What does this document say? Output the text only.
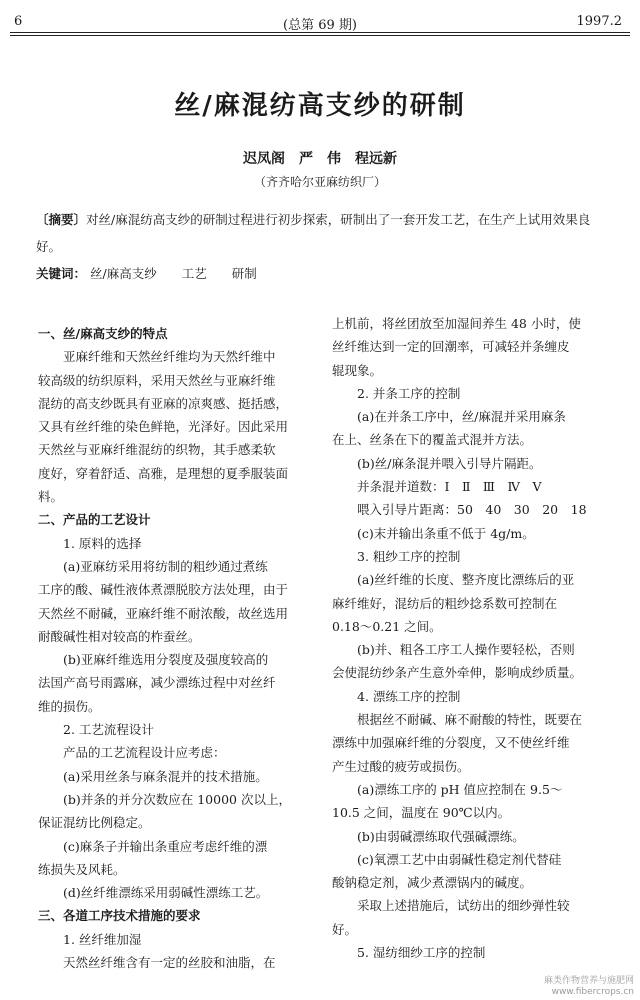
6	(总第 69 期)	1997.2
丝/麻混纺高支纱的研制
迟凤阁　严　伟　程远新
（齐齐哈尔亚麻纺织厂）
〔摘要〕对丝/麻混纺高支纱的研制过程进行初步探索，研制出了一套开发工艺，在生产上试用效果良好。
关键词： 丝/麻高支纱　　工艺　　研制
一、丝/麻高支纱的特点
亚麻纤维和天然丝纤维均为天然纤维中
较高级的纺织原料，采用天然丝与亚麻纤维
混纺的高支纱既具有亚麻的凉爽感、挺括感，
又具有丝纤维的染色鲜艳，光泽好。因此采用
天然丝与亚麻纤维混纺的织物，其手感柔软
度好，穿着舒适、高雅，是理想的夏季服装面
料。
二、产品的工艺设计
1. 原料的选择
(a)亚麻纺采用将纺制的粗纱通过煮练
工序的酸、碱性液体煮漂脱胶方法处理，由于
天然丝不耐碱，亚麻纤维不耐浓酸，故丝选用
耐酸碱性相对较高的柞蚕丝。
(b)亚麻纤维选用分裂度及强度较高的
法国产高号雨露麻，减少漂练过程中对丝纤
维的损伤。
2. 工艺流程设计
产品的工艺流程设计应考虑：
(a)采用丝条与麻条混并的技术措施。
(b)并条的并分次数应在 10000 次以上，
保证混纺比例稳定。
(c)麻条子并输出条重应考虑纤维的漂
练损失及风耗。
(d)丝纤维漂练采用弱碱性漂练工艺。
三、各道工序技术措施的要求
1. 丝纤维加湿
天然丝纤维含有一定的丝胶和油脂，在
上机前，将丝团放至加湿间养生 48 小时，使
丝纤维达到一定的回潮率，可减轻并条缠皮
辊现象。
2. 并条工序的控制
(a)在并条工序中，丝/麻混并采用麻条
在上、丝条在下的覆盖式混并方法。
(b)丝/麻条混并喂入引导片隔距。
并条混并道数：Ⅰ　Ⅱ　Ⅲ　Ⅳ　Ⅴ
喂入引导片距离：50　40　30　20　18
(c)末并输出条重不低于 4g/m。
3. 粗纱工序的控制
(a)丝纤维的长度、整齐度比漂练后的亚
麻纤维好，混纺后的粗纱捻系数可控制在
0.18～0.21 之间。
(b)并、粗各工序工人操作要轻松，否则
会使混纺纱条产生意外牵伸，影响成纱质量。
4. 漂练工序的控制
根据丝不耐碱、麻不耐酸的特性，既要在
漂练中加强麻纤维的分裂度，又不使丝纤维
产生过酸的疲劳或损伤。
(a)漂练工序的 pH 值应控制在 9.5～
10.5 之间，温度在 90℃以内。
(b)由弱碱漂练取代强碱漂练。
(c)氧漂工艺中由弱碱性稳定剂代替硅
酸钠稳定剂，减少煮漂锅内的碱度。
采取上述措施后，试纺出的细纱弹性较
好。
5. 湿纺细纱工序的控制
麻类作物营养与施肥网
www.fibercrops.cn
